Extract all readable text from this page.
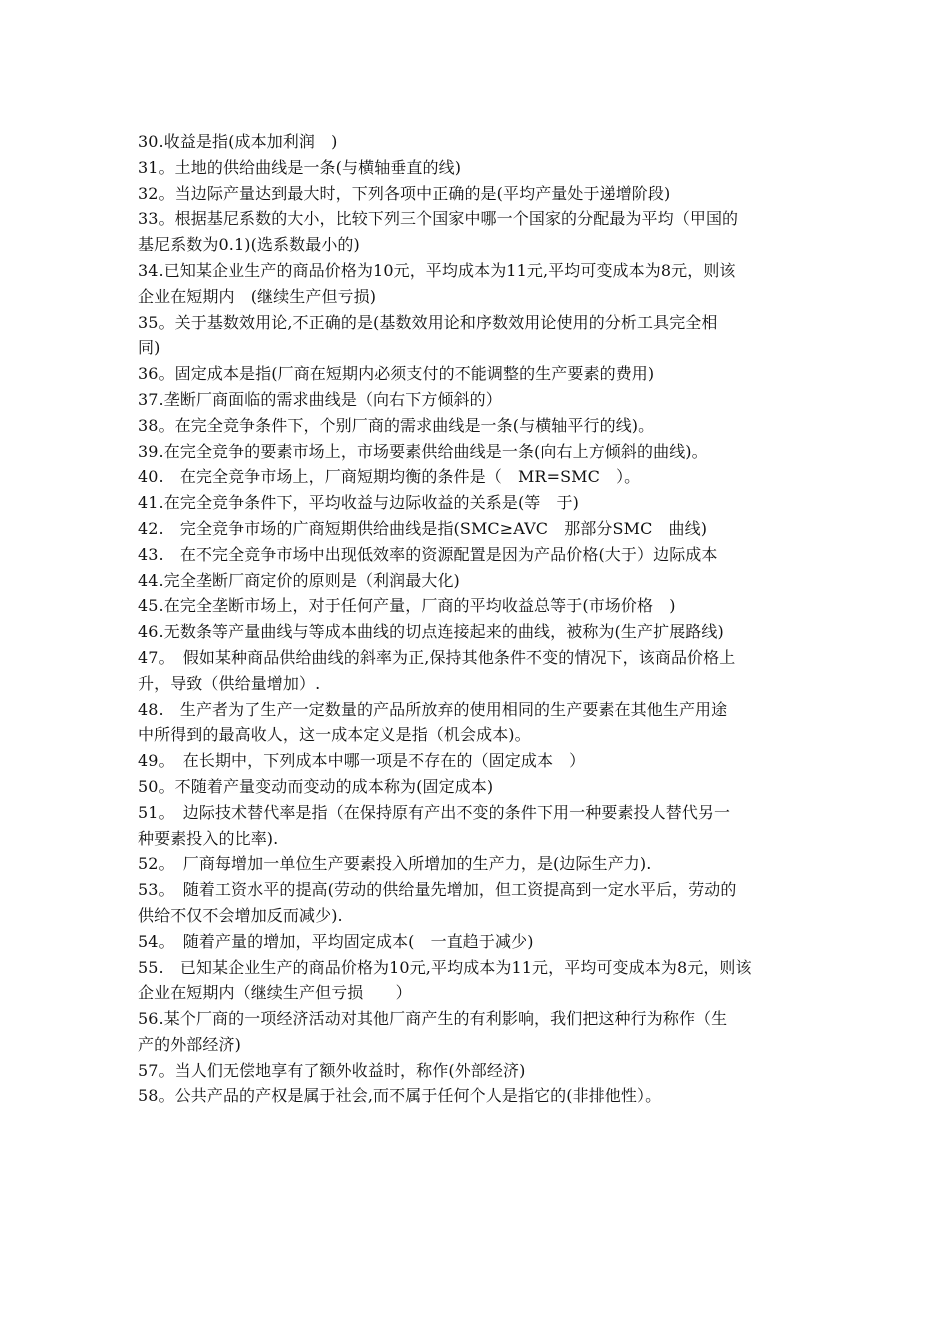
30.收益是指(成本加利润　)
31。土地的供给曲线是一条(与横轴垂直的线)
32。当边际产量达到最大时，下列各项中正确的是(平均产量处于递增阶段)
33。根据基尼系数的大小，比较下列三个国家中哪一个国家的分配最为平均（甲国的
基尼系数为0.1)(选系数最小的)
34.已知某企业生产的商品价格为10元，平均成本为11元,平均可变成本为8元，则该
企业在短期内　(继续生产但亏损)
35。关于基数效用论,不正确的是(基数效用论和序数效用论使用的分析工具完全相
同)
36。固定成本是指(厂商在短期内必须支付的不能调整的生产要素的费用)
37.垄断厂商面临的需求曲线是（向右下方倾斜的）
38。在完全竞争条件下，个别厂商的需求曲线是一条(与横轴平行的线)。
39.在完全竞争的要素市场上，市场要素供给曲线是一条(向右上方倾斜的曲线)。
40.　在完全竞争市场上，厂商短期均衡的条件是（　MR=SMC　）。
41.在完全竞争条件下，平均收益与边际收益的关系是(等　于)
42.　完全竞争市场的广商短期供给曲线是指(SMC≥AVC　那部分SMC　曲线)
43.　在不完全竞争市场中出现低效率的资源配置是因为产品价格(大于）边际成本
44.完全垄断厂商定价的原则是（利润最大化)
45.在完全垄断市场上，对于任何产量，厂商的平均收益总等于(市场价格　)
46.无数条等产量曲线与等成本曲线的切点连接起来的曲线，被称为(生产扩展路线)
47。　假如某种商品供给曲线的斜率为正,保持其他条件不变的情况下，该商品价格上
升，导致（供给量增加）.
48.　生产者为了生产一定数量的产品所放弃的使用相同的生产要素在其他生产用途
中所得到的最高收人，这一成本定义是指（机会成本)。
49。　在长期中，下列成本中哪一项是不存在的（固定成本　）
50。不随着产量变动而变动的成本称为(固定成本)
51。　边际技术替代率是指（在保持原有产出不变的条件下用一种要素投人替代另一
种要素投入的比率).
52。　厂商每增加一单位生产要素投入所增加的生产力，是(边际生产力).
53。　随着工资水平的提高(劳动的供给量先增加，但工资提高到一定水平后，劳动的
供给不仅不会增加反而减少).
54。　随着产量的增加，平均固定成本(　一直趋于减少)
55.　已知某企业生产的商品价格为10元,平均成本为11元，平均可变成本为8元，则该
企业在短期内（继续生产但亏损　　）
56.某个厂商的一项经济活动对其他厂商产生的有利影响，我们把这种行为称作（生
产的外部经济)
57。当人们无偿地享有了额外收益时，称作(外部经济)
58。公共产品的产权是属于社会,而不属于任何个人是指它的(非排他性）。
